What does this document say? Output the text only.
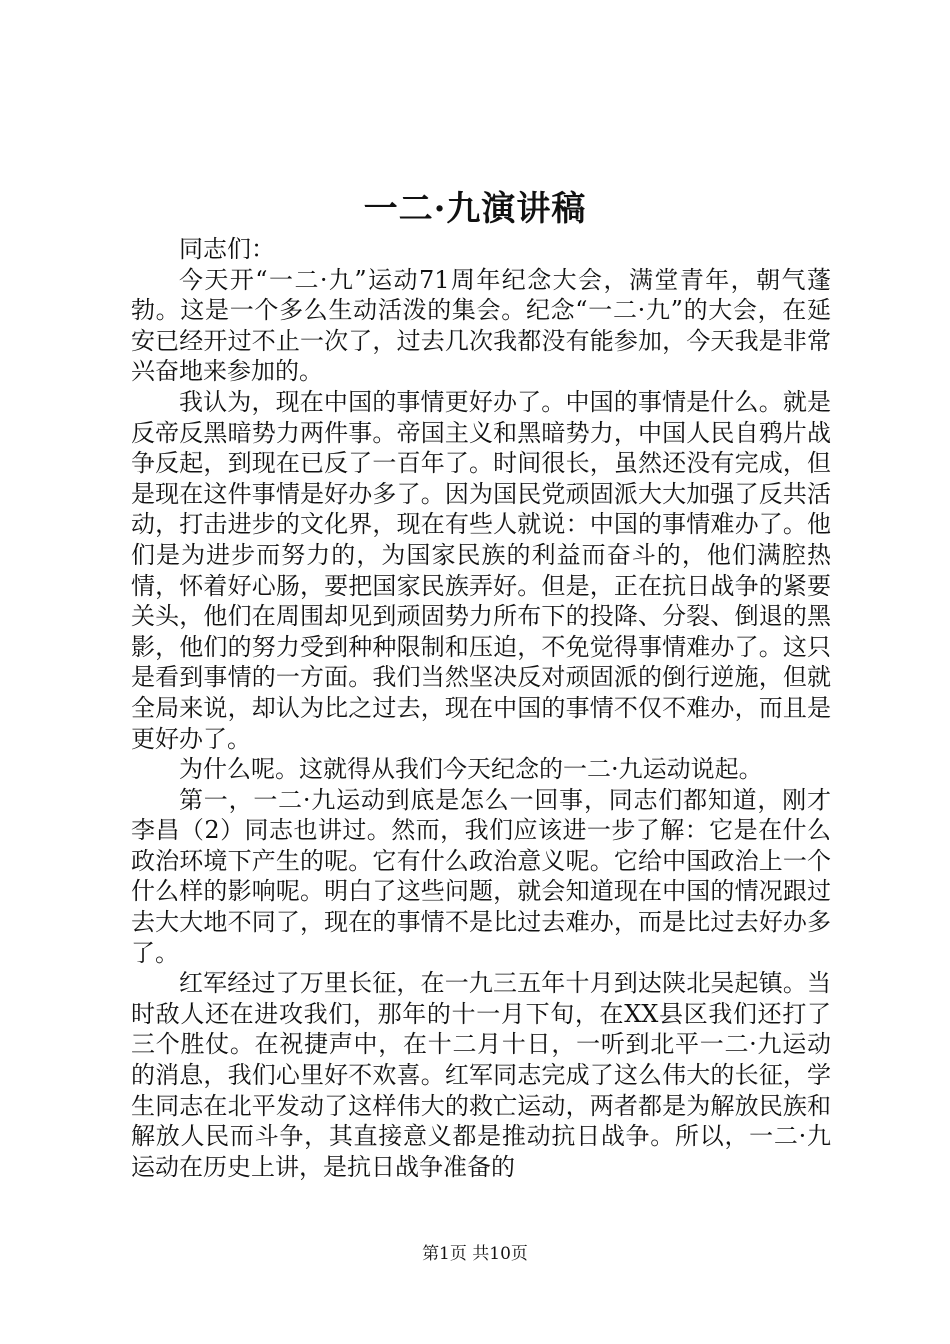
一二·九演讲稿

同志们：

今天开“一二·九”运动71周年纪念大会，满堂青年，朝气蓬勃。这是一个多么生动活泼的集会。纪念“一二·九”的大会，在延安已经开过不止一次了，过去几次我都没有能参加，今天我是非常兴奋地来参加的。

我认为，现在中国的事情更好办了。中国的事情是什么。就是反帝反黑暗势力两件事。帝国主义和黑暗势力，中国人民自鸦片战争反起，到现在已反了一百年了。时间很长，虽然还没有完成，但是现在这件事情是好办多了。因为国民党顽固派大大加强了反共活动，打击进步的文化界，现在有些人就说：中国的事情难办了。他们是为进步而努力的，为国家民族的利益而奋斗的，他们满腔热情，怀着好心肠，要把国家民族弄好。但是，正在抗日战争的紧要关头，他们在周围却见到顽固势力所布下的投降、分裂、倒退的黑影，他们的努力受到种种限制和压迫，不免觉得事情难办了。这只是看到事情的一方面。我们当然坚决反对顽固派的倒行逆施，但就全局来说，却认为比之过去，现在中国的事情不仅不难办，而且是更好办了。

为什么呢。这就得从我们今天纪念的一二·九运动说起。

第一，一二·九运动到底是怎么一回事，同志们都知道，刚才李昌（2）同志也讲过。然而，我们应该进一步了解：它是在什么政治环境下产生的呢。它有什么政治意义呢。它给中国政治上一个什么样的影响呢。明白了这些问题，就会知道现在中国的情况跟过去大大地不同了，现在的事情不是比过去难办，而是比过去好办多了。

红军经过了万里长征，在一九三五年十月到达陕北吴起镇。当时敌人还在进攻我们，那年的十一月下旬，在XX县区我们还打了三个胜仗。在祝捷声中，在十二月十日，一听到北平一二·九运动的消息，我们心里好不欢喜。红军同志完成了这么伟大的长征，学生同志在北平发动了这样伟大的救亡运动，两者都是为解放民族和解放人民而斗争，其直接意义都是推动抗日战争。所以，一二·九运动在历史上讲，是抗日战争准备的

第1页 共10页
